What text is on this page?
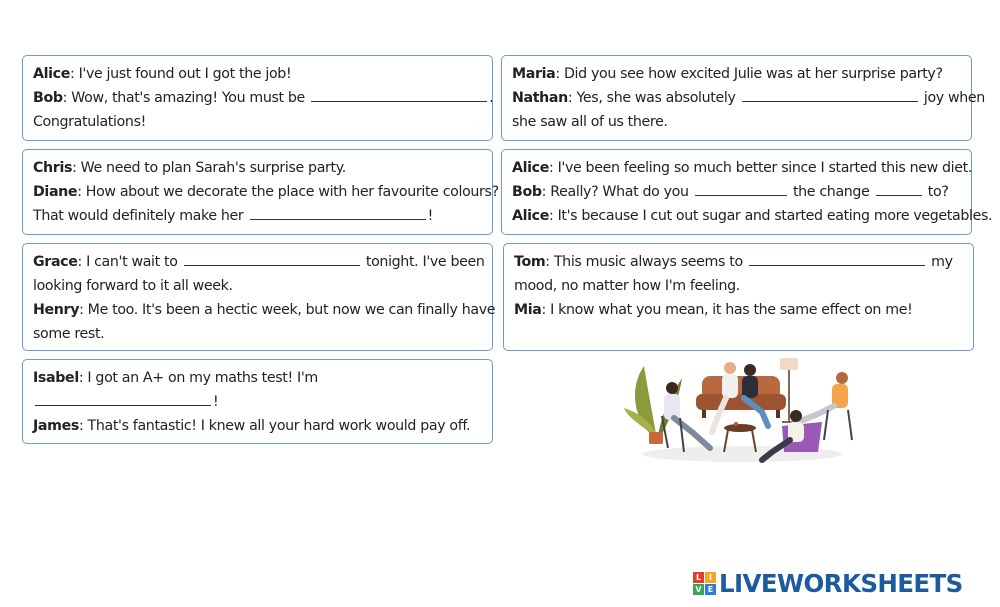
Alice: I've just found out I got the job!
Bob: Wow, that's amazing! You must be	.
Congratulations!
Maria: Did you see how excited Julie was at her surprise party?
Nathan: Yes, she was absolutely	joy when
she saw all of us there.
Chris: We need to plan Sarah's surprise party.
Diane: How about we decorate the place with her favourite colours?
That would definitely make her	!
Alice: I've been feeling so much better since I started this new diet.
Bob: Really? What do you	the change	to?
Alice: It's because I cut out sugar and started eating more vegetables.
Grace: I can't wait to	tonight. I've been
looking forward to it all week.
Henry: Me too. It's been a hectic week, but now we can finally have
some rest.
Tom: This music always seems to	my
mood, no matter how I'm feeling.
Mia: I know what you mean, it has the same effect on me!
Isabel: I got an A+ on my maths test! I'm
!
James: That's fantastic! I knew all your hard work would pay off.
L I
V E LIVEWORKSHEETS
